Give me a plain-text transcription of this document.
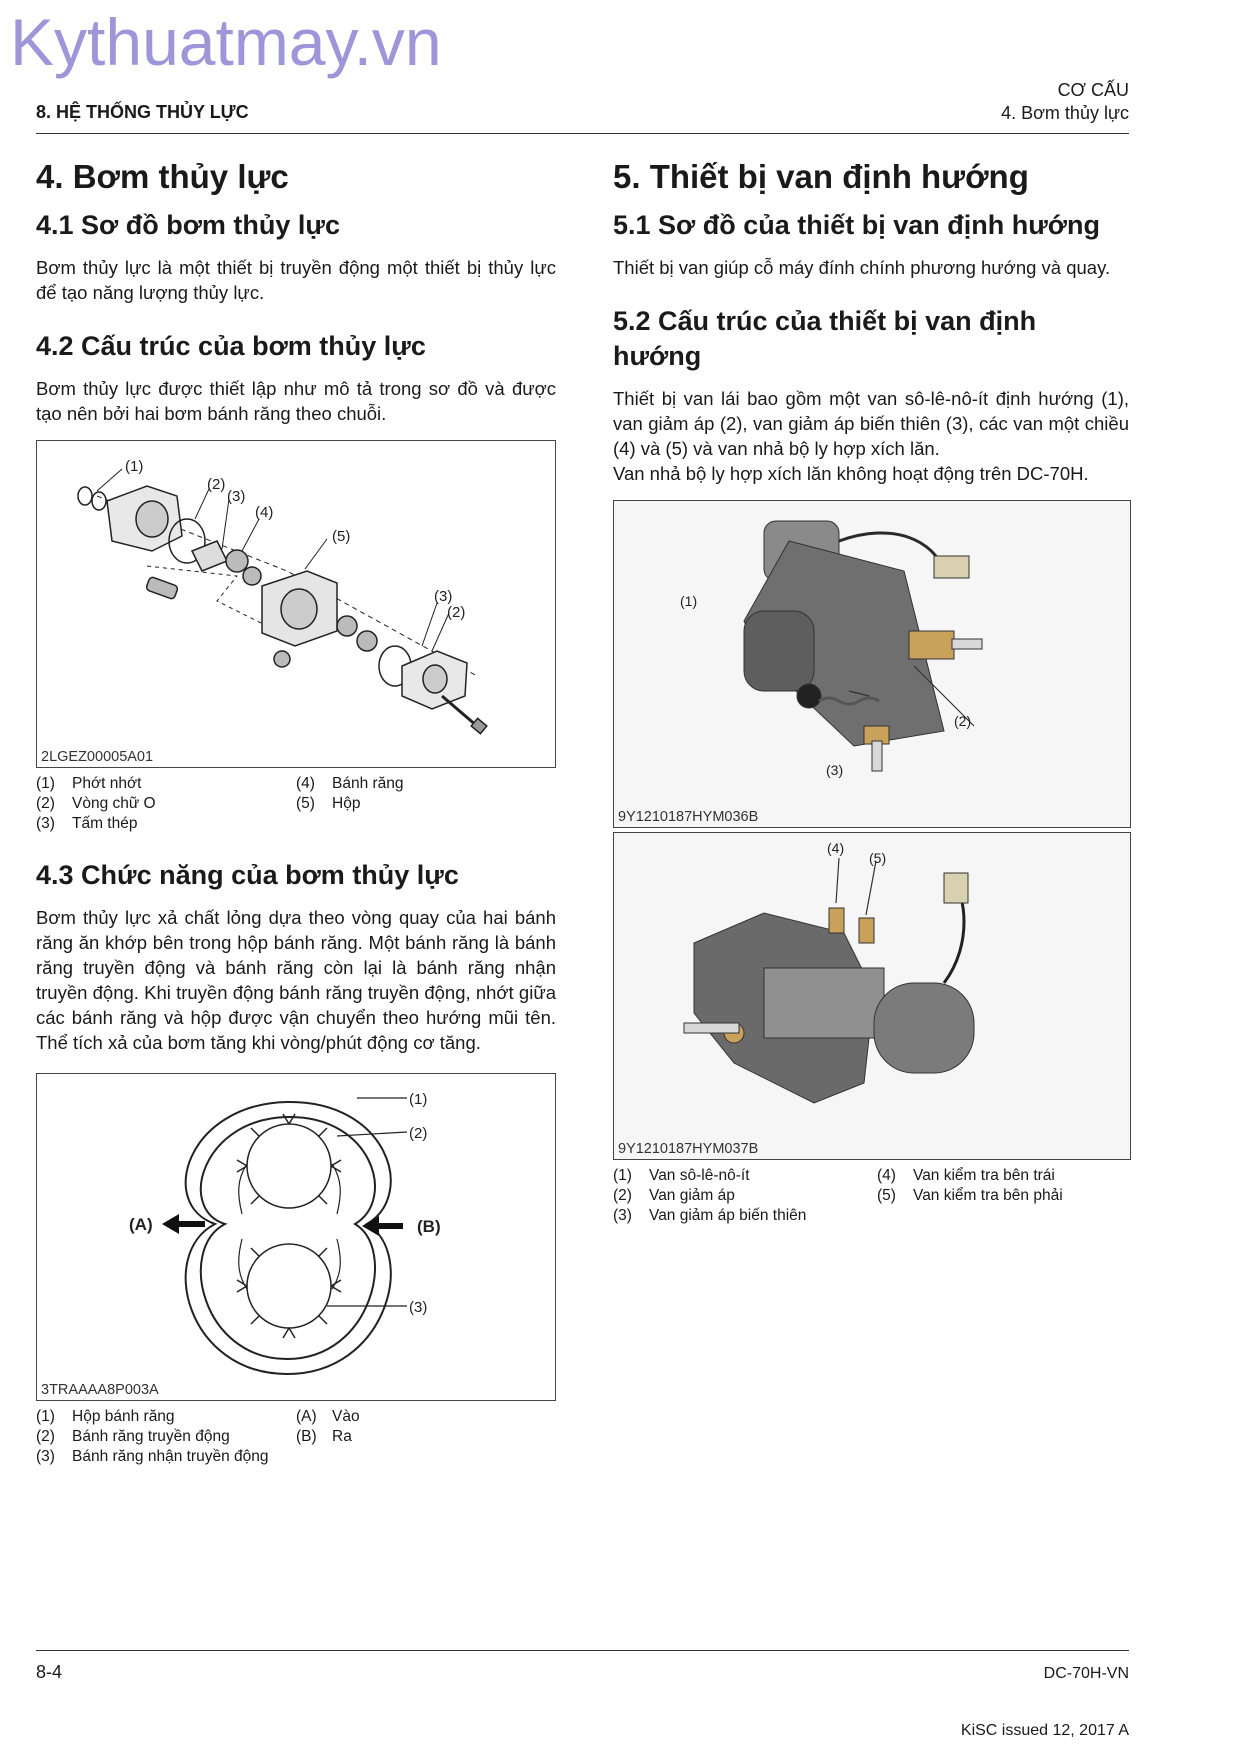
Kythuatmay.vn
8. HỆ THỐNG THỦY LỰC
CƠ CẤU
4. Bơm thủy lực
4. Bơm thủy lực
4.1 Sơ đồ bơm thủy lực

Bơm thủy lực là một thiết bị truyền động một thiết bị thủy lực để tạo năng lượng thủy lực.

4.2 Cấu trúc của bơm thủy lực

Bơm thủy lực được thiết lập như mô tả trong sơ đồ và được tạo nên bởi hai bơm bánh răng theo chuỗi.

(1)
(2)
(3)
(4)
(5)
(3)
(2)
2LGEZ00005A01
(1)	Phớt nhớt	(4)	Bánh răng
(2)	Vòng chữ O	(5)	Hộp
(3)	Tấm thép
4.3 Chức năng của bơm thủy lực

Bơm thủy lực xả chất lỏng dựa theo vòng quay của hai bánh răng ăn khớp bên trong hộp bánh răng. Một bánh răng là bánh răng truyền động và bánh răng còn lại là bánh răng nhận truyền động. Khi truyền động bánh răng truyền động, nhớt giữa các bánh răng và hộp được vận chuyển theo hướng mũi tên. Thể tích xả của bơm tăng khi vòng/phút động cơ tăng.

(1)
(2)
(3)
(A)	(B)
3TRAAAA8P003A
(1)	Hộp bánh răng	(A) Vào
(2)	Bánh răng truyền động	(B) Ra
(3)	Bánh răng nhận truyền động
5. Thiết bị van định hướng
5.1 Sơ đồ của thiết bị van định hướng

Thiết bị van giúp cỗ máy đính chính phương hướng và quay.

5.2 Cấu trúc của thiết bị van định hướng

Thiết bị van lái bao gồm một van sô-lê-nô-ít định hướng (1), van giảm áp (2), van giảm áp biến thiên (3), các van một chiều (4) và (5) và van nhả bộ ly hợp xích lăn.

Van nhả bộ ly hợp xích lăn không hoạt động trên DC-70H.

(1)
(2)
(3)
9Y1210187HYM036B
(4)
(5)
9Y1210187HYM037B
(1)	Van sô-lê-nô-ít	(4)	Van kiểm tra bên trái
(2)	Van giảm áp	(5)	Van kiểm tra bên phải
(3)	Van giảm áp biến thiên
8-4	DC-70H-VN
KiSC issued 12, 2017 A
